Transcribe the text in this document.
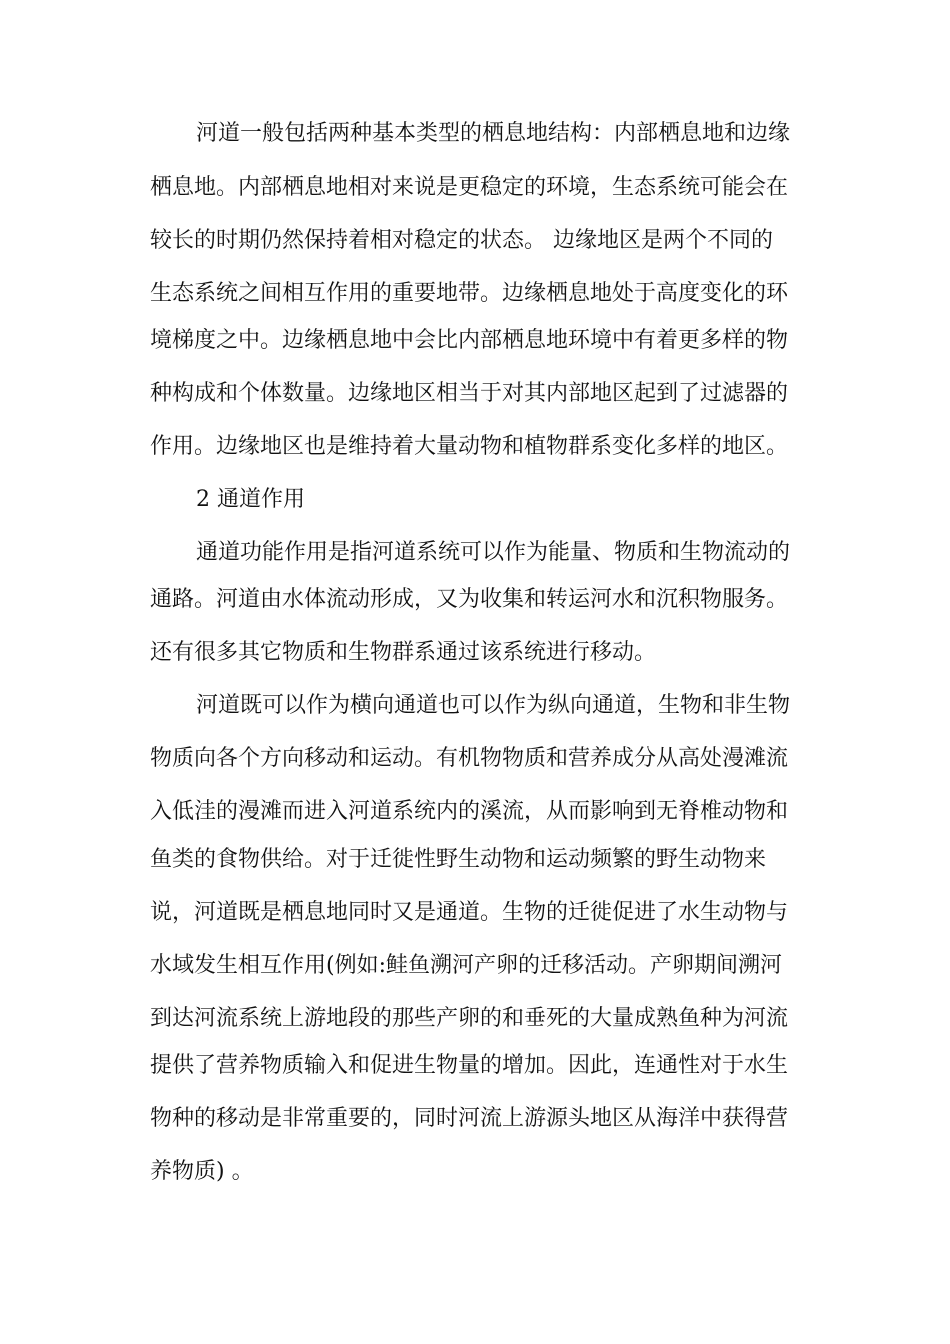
河道一般包括两种基本类型的栖息地结构：内部栖息地和边缘
栖息地。内部栖息地相对来说是更稳定的环境，生态系统可能会在
较长的时期仍然保持着相对稳定的状态。 边缘地区是两个不同的
生态系统之间相互作用的重要地带。边缘栖息地处于高度变化的环
境梯度之中。边缘栖息地中会比内部栖息地环境中有着更多样的物
种构成和个体数量。边缘地区相当于对其内部地区起到了过滤器的
作用。边缘地区也是维持着大量动物和植物群系变化多样的地区。
2 通道作用
通道功能作用是指河道系统可以作为能量、物质和生物流动的
通路。河道由水体流动形成，又为收集和转运河水和沉积物服务。
还有很多其它物质和生物群系通过该系统进行移动。
河道既可以作为横向通道也可以作为纵向通道，生物和非生物
物质向各个方向移动和运动。有机物物质和营养成分从高处漫滩流
入低洼的漫滩而进入河道系统内的溪流，从而影响到无脊椎动物和
鱼类的食物供给。对于迁徙性野生动物和运动频繁的野生动物来
说，河道既是栖息地同时又是通道。生物的迁徙促进了水生动物与
水域发生相互作用(例如:鲑鱼溯河产卵的迁移活动。产卵期间溯河
到达河流系统上游地段的那些产卵的和垂死的大量成熟鱼种为河流
提供了营养物质输入和促进生物量的增加。因此，连通性对于水生
物种的移动是非常重要的，同时河流上游源头地区从海洋中获得营
养物质) 。
